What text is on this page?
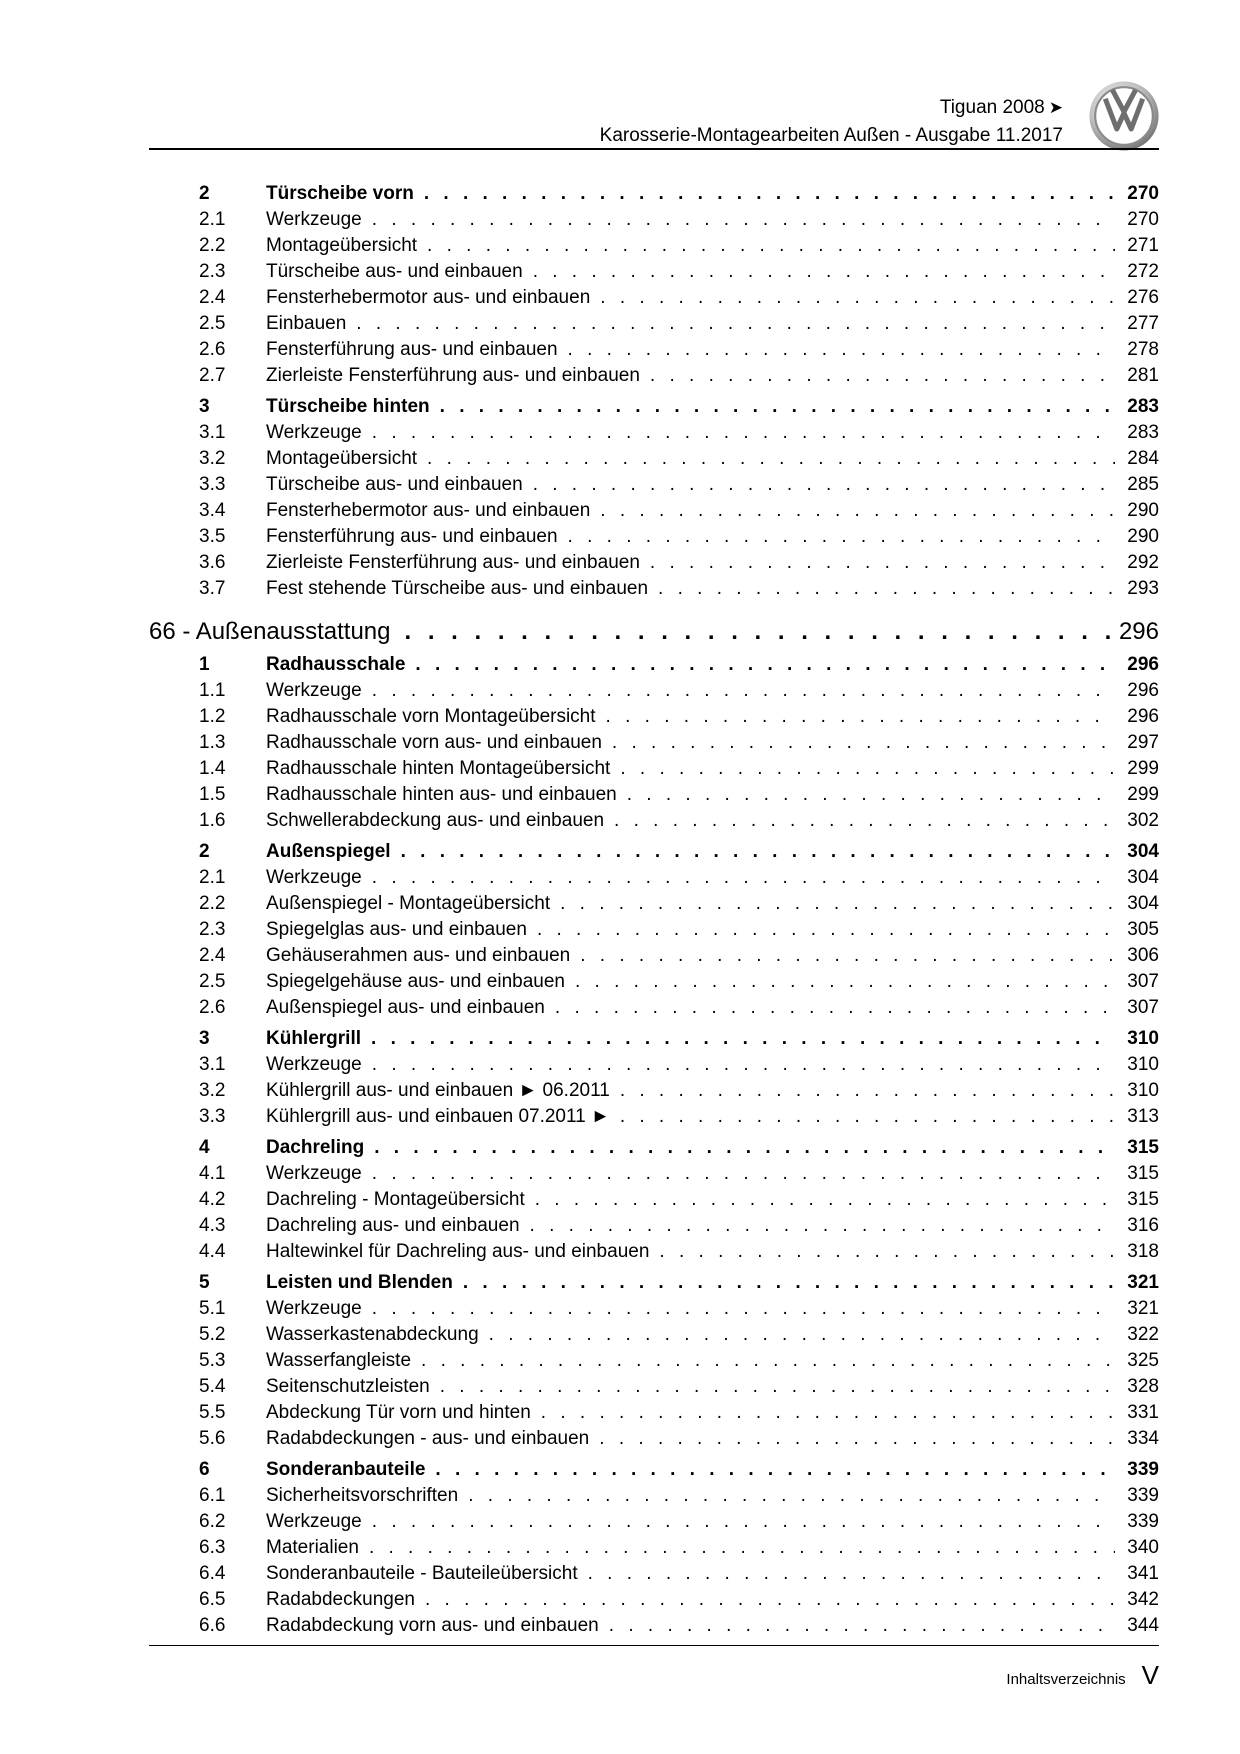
Tiguan 2008 ➤
Karosserie-Montagearbeiten Außen - Ausgabe 11.2017
2	Türscheibe vorn . . .	270
2.1 Werkzeuge . . .	270
2.2 Montageübersicht . . .	271
2.3 Türscheibe aus- und einbauen . . .	272
2.4 Fensterhebermotor aus- und einbauen . . .	276
2.5 Einbauen . . .	277
2.6 Fensterführung aus- und einbauen . . .	278
2.7 Zierleiste Fensterführung aus- und einbauen . . .	281
3	Türscheibe hinten . . .	283
3.1 Werkzeuge . . .	283
3.2 Montageübersicht . . .	284
3.3 Türscheibe aus- und einbauen . . .	285
3.4 Fensterhebermotor aus- und einbauen . . .	290
3.5 Fensterführung aus- und einbauen . . .	290
3.6 Zierleiste Fensterführung aus- und einbauen . . .	292
3.7 Fest stehende Türscheibe aus- und einbauen . . .	293
66 - Außenausstattung . . .	296
1	Radhausschale . . .	296
1.1 Werkzeuge . . .	296
1.2 Radhausschale vorn Montageübersicht . . .	296
1.3 Radhausschale vorn aus- und einbauen . . .	297
1.4 Radhausschale hinten Montageübersicht . . .	299
1.5 Radhausschale hinten aus- und einbauen . . .	299
1.6 Schwellerabdeckung aus- und einbauen . . .	302
2	Außenspiegel . . .	304
2.1 Werkzeuge . . .	304
2.2 Außenspiegel - Montageübersicht . . .	304
2.3 Spiegelglas aus- und einbauen . . .	305
2.4 Gehäuserahmen aus- und einbauen . . .	306
2.5 Spiegelgehäuse aus- und einbauen . . .	307
2.6 Außenspiegel aus- und einbauen . . .	307
3	Kühlergrill . . .	310
3.1 Werkzeuge . . .	310
3.2 Kühlergrill aus- und einbauen ► 06.2011 . . .	310
3.3 Kühlergrill aus- und einbauen 07.2011 ► . . .	313
4	Dachreling . . .	315
4.1 Werkzeuge . . .	315
4.2 Dachreling - Montageübersicht . . .	315
4.3 Dachreling aus- und einbauen . . .	316
4.4 Haltewinkel für Dachreling aus- und einbauen . . .	318
5	Leisten und Blenden . . .	321
5.1 Werkzeuge . . .	321
5.2 Wasserkastenabdeckung . . .	322
5.3 Wasserfangleiste . . .	325
5.4 Seitenschutzleisten . . .	328
5.5 Abdeckung Tür vorn und hinten . . .	331
5.6 Radabdeckungen - aus- und einbauen . . .	334
6	Sonderanbauteile . . .	339
6.1 Sicherheitsvorschriften . . .	339
6.2 Werkzeuge . . .	339
6.3 Materialien . . .	340
6.4 Sonderanbauteile - Bauteileübersicht . . .	341
6.5 Radabdeckungen . . .	342
6.6 Radabdeckung vorn aus- und einbauen . . .	344
Inhaltsverzeichnis V
